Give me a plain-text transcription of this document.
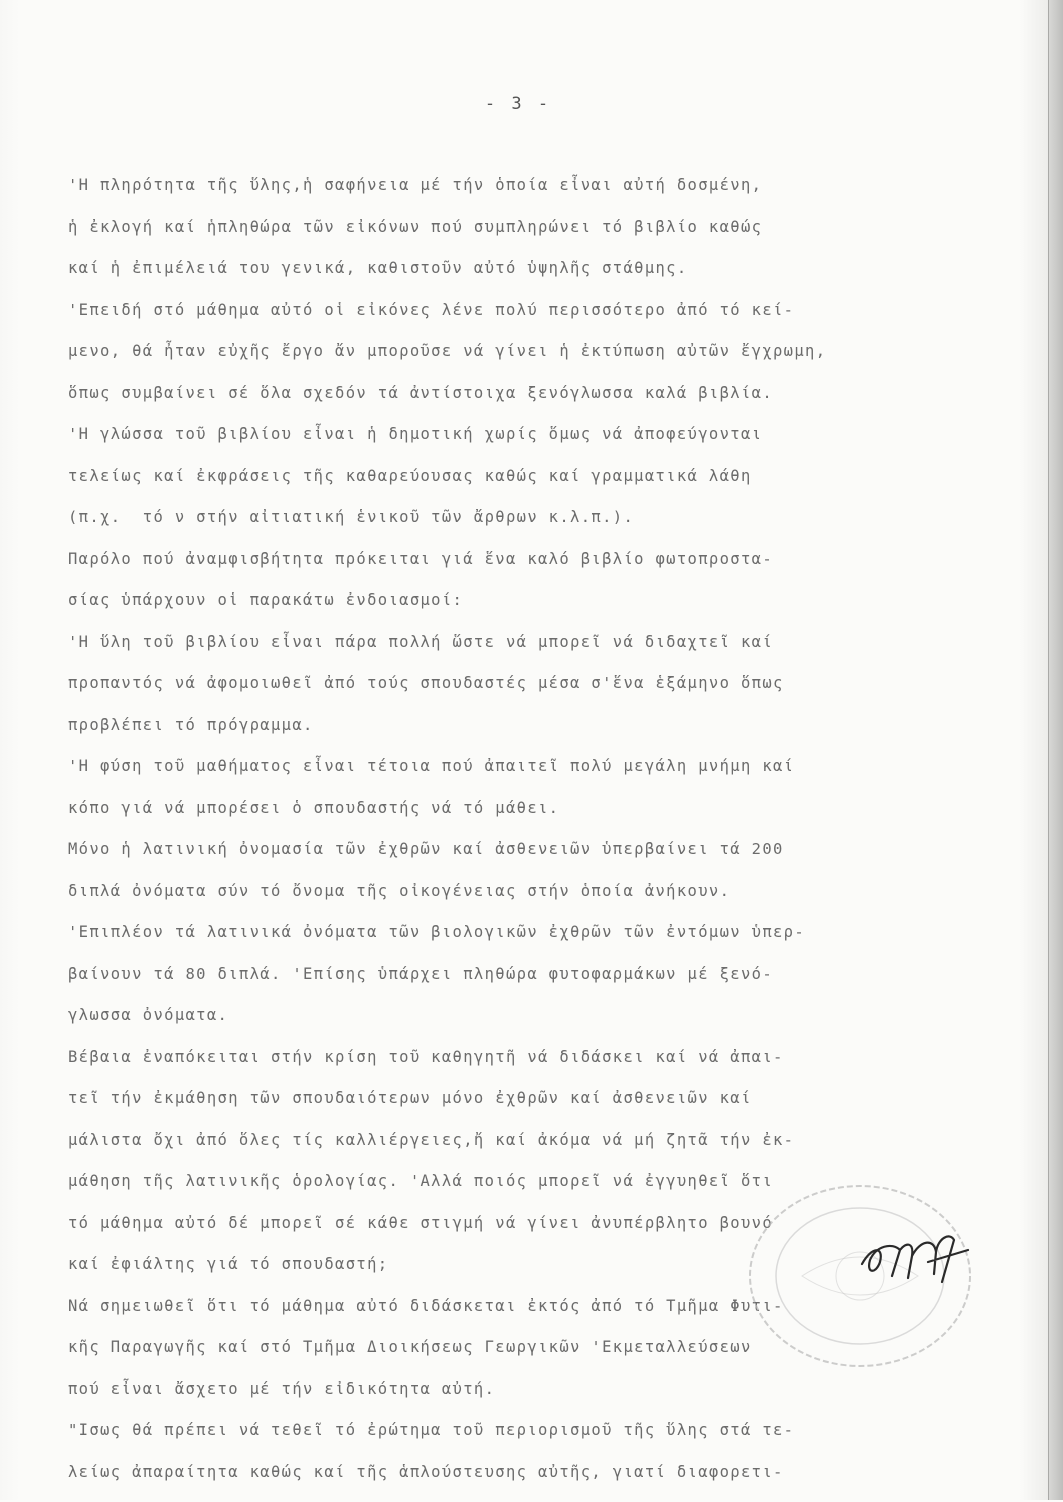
- 3 -
'Η πληρότητα τῆς ὕλης,ἡ σαφήνεια μέ τήν ὁποία εἶναι αὐτή δοσμένη,
ἡ ἐκλογή καί ἡπληθώρα τῶν εἰκόνων πού συμπληρώνει τό βιβλίο καθώς
καί ἡ ἐπιμέλειά του γενικά, καθιστοῦν αὐτό ὑψηλῆς στάθμης.
'Επειδή στό μάθημα αὐτό οἱ εἰκόνες λένε πολύ περισσότερο ἀπό τό κεί-
μενο, θά ἦταν εὐχῆς ἔργο ἄν μποροῦσε νά γίνει ἡ ἐκτύπωση αὐτῶν ἔγχρωμη,
ὅπως συμβαίνει σέ ὅλα σχεδόν τά ἀντίστοιχα ξενόγλωσσα καλά βιβλία.
'Η γλώσσα τοῦ βιβλίου εἶναι ἡ δημοτική χωρίς ὅμως νά ἀποφεύγονται
τελείως καί ἐκφράσεις τῆς καθαρεύουσας καθώς καί γραμματικά λάθη
(π.χ.  τό ν στήν αἰτιατική ἑνικοῦ τῶν ἄρθρων κ.λ.π.).
Παρόλο πού ἀναμφισβήτητα πρόκειται γιά ἕνα καλό βιβλίο φωτοπροστα-
σίας ὑπάρχουν οἱ παρακάτω ἐνδοιασμοί:
'Η ὕλη τοῦ βιβλίου εἶναι πάρα πολλή ὥστε νά μπορεῖ νά διδαχτεῖ καί
προπαντός νά ἀφομοιωθεῖ ἀπό τούς σπουδαστές μέσα σ'ἕνα ἑξάμηνο ὅπως
προβλέπει τό πρόγραμμα.
'Η φύση τοῦ μαθήματος εἶναι τέτοια πού ἀπαιτεῖ πολύ μεγάλη μνήμη καί
κόπο γιά νά μπορέσει ὁ σπουδαστής νά τό μάθει.
Μόνο ἡ λατινική ὀνομασία τῶν ἐχθρῶν καί ἀσθενειῶν ὑπερβαίνει τά 200
διπλά ὀνόματα σύν τό ὄνομα τῆς οἰκογένειας στήν ὁποία ἀνήκουν.
'Επιπλέον τά λατινικά ὀνόματα τῶν βιολογικῶν ἐχθρῶν τῶν ἐντόμων ὑπερ-
βαίνουν τά 80 διπλά. 'Επίσης ὑπάρχει πληθώρα φυτοφαρμάκων μέ ξενό-
γλωσσα ὀνόματα.
Βέβαια ἐναπόκειται στήν κρίση τοῦ καθηγητῆ νά διδάσκει καί νά ἀπαι-
τεῖ τήν ἐκμάθηση τῶν σπουδαιότερων μόνο ἐχθρῶν καί ἀσθενειῶν καί
μάλιστα ὄχι ἀπό ὅλες τίς καλλιέργειες,ἤ καί ἀκόμα νά μή ζητᾶ τήν ἐκ-
μάθηση τῆς λατινικῆς ὁρολογίας. 'Αλλά ποιός μπορεῖ νά ἐγγυηθεῖ ὅτι
τό μάθημα αὐτό δέ μπορεῖ σέ κάθε στιγμή νά γίνει ἀνυπέρβλητο βουνό
καί ἐφιάλτης γιά τό σπουδαστή;
Νά σημειωθεῖ ὅτι τό μάθημα αὐτό διδάσκεται ἐκτός ἀπό τό Τμῆμα Φυτι-
κῆς Παραγωγῆς καί στό Τμῆμα Διοικήσεως Γεωργικῶν 'Εκμεταλλεύσεων
πού εἶναι ἄσχετο μέ τήν εἰδικότητα αὐτή.
"Ισως θά πρέπει νά τεθεῖ τό ἐρώτημα τοῦ περιορισμοῦ τῆς ὕλης στά τε-
λείως ἀπαραίτητα καθώς καί τῆς ἁπλούστευσης αὐτῆς, γιατί διαφορετι-
